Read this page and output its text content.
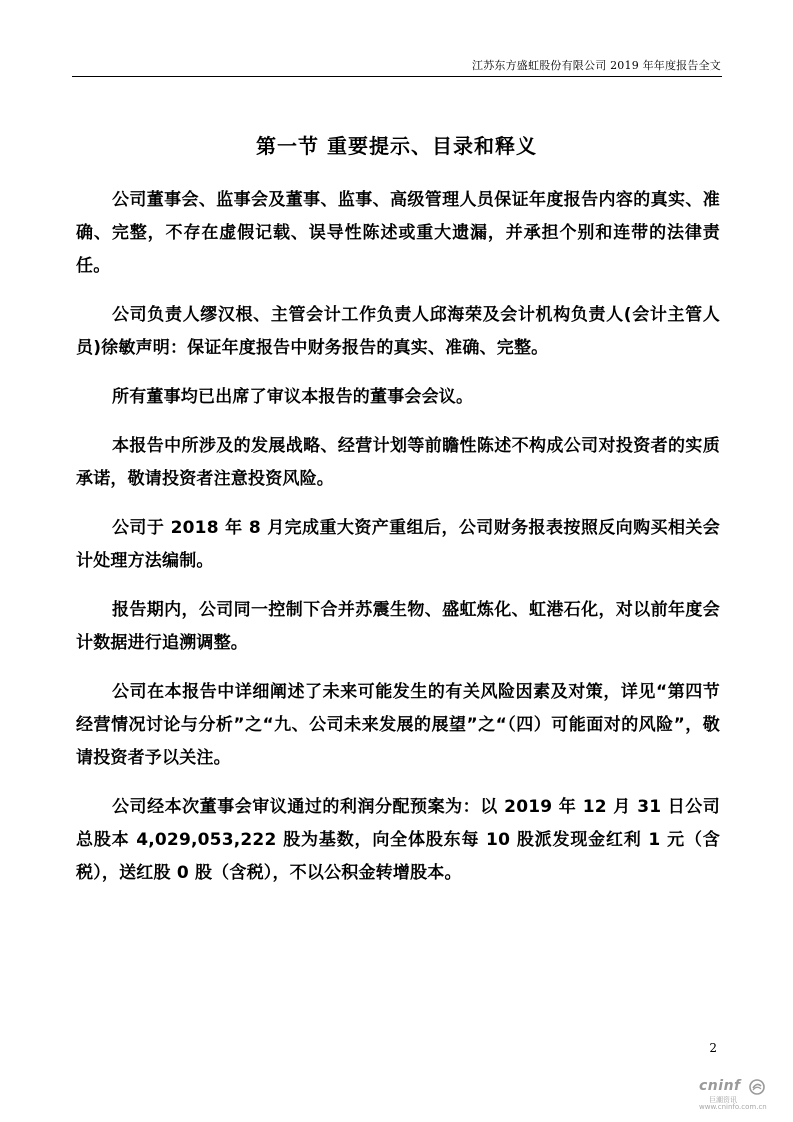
江苏东方盛虹股份有限公司 2019 年年度报告全文
第一节 重要提示、目录和释义

公司董事会、监事会及董事、监事、高级管理人员保证年度报告内容的真实、准确、完整，不存在虚假记载、误导性陈述或重大遗漏，并承担个别和连带的法律责任。

公司负责人缪汉根、主管会计工作负责人邱海荣及会计机构负责人(会计主管人员)徐敏声明：保证年度报告中财务报告的真实、准确、完整。

所有董事均已出席了审议本报告的董事会会议。

本报告中所涉及的发展战略、经营计划等前瞻性陈述不构成公司对投资者的实质承诺，敬请投资者注意投资风险。

公司于 2018 年 8 月完成重大资产重组后，公司财务报表按照反向购买相关会计处理方法编制。

报告期内，公司同一控制下合并苏震生物、盛虹炼化、虹港石化，对以前年度会计数据进行追溯调整。

公司在本报告中详细阐述了未来可能发生的有关风险因素及对策，详见“第四节 经营情况讨论与分析”之“九、公司未来发展的展望”之“（四）可能面对的风险”，敬请投资者予以关注。

公司经本次董事会审议通过的利润分配预案为：以 2019 年 12 月 31 日公司总股本 4,029,053,222 股为基数，向全体股东每 10 股派发现金红利 1 元（含税），送红股 0 股（含税），不以公积金转增股本。

2
cninf
巨潮资讯
www.cninfo.com.cn
